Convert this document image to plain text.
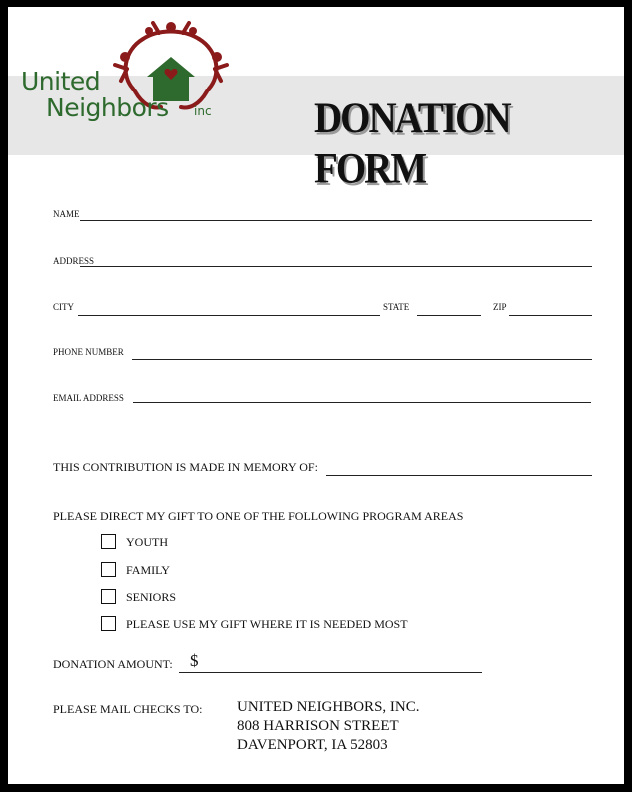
United
Neighbors inc	DONATION FORM
NAME
ADDRESS
CITY	STATE	ZIP
PHONE NUMBER
EMAIL ADDRESS
THIS CONTRIBUTION IS MADE IN MEMORY OF:
PLEASE DIRECT MY GIFT TO ONE OF THE FOLLOWING PROGRAM AREAS
YOUTH
FAMILY
SENIORS
PLEASE USE MY GIFT WHERE IT IS NEEDED MOST
DONATION AMOUNT: $
PLEASE MAIL CHECKS TO: UNITED NEIGHBORS, INC.
808 HARRISON STREET
DAVENPORT, IA 52803
